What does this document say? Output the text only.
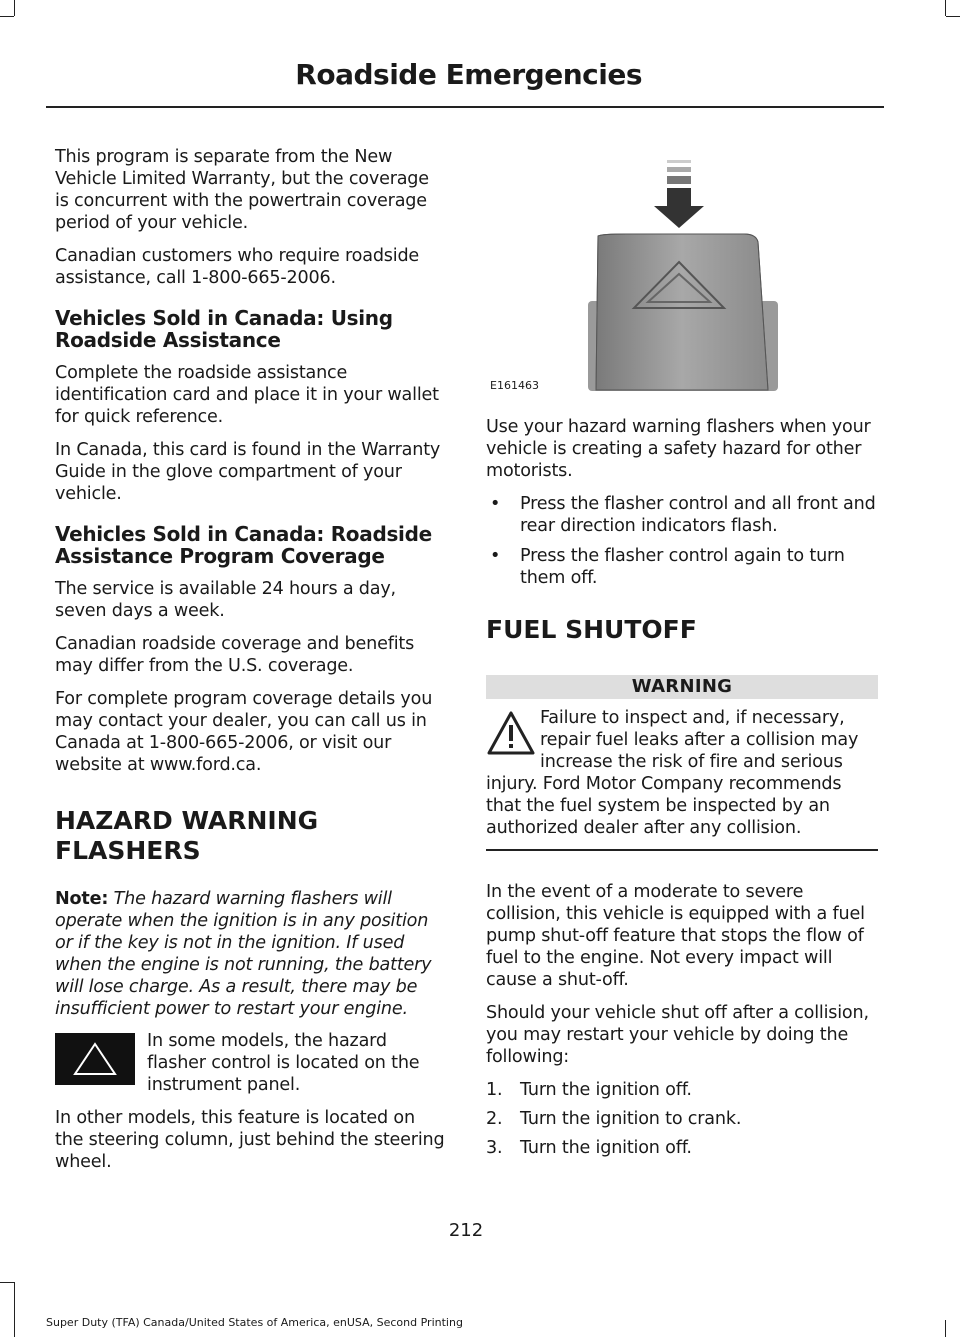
Roadside Emergencies

This program is separate from the New Vehicle Limited Warranty, but the coverage is concurrent with the powertrain coverage period of your vehicle.

Canadian customers who require roadside assistance, call 1-800-665-2006.

Vehicles Sold in Canada: Using Roadside Assistance

Complete the roadside assistance identification card and place it in your wallet for quick reference.

In Canada, this card is found in the Warranty Guide in the glove compartment of your vehicle.

Vehicles Sold in Canada: Roadside Assistance Program Coverage

The service is available 24 hours a day, seven days a week.

Canadian roadside coverage and benefits may differ from the U.S. coverage.

For complete program coverage details you may contact your dealer, you can call us in Canada at 1-800-665-2006, or visit our website at www.ford.ca.

HAZARD WARNING FLASHERS

Note: The hazard warning flashers will operate when the ignition is in any position or if the key is not in the ignition. If used when the engine is not running, the battery will lose charge. As a result, there may be insufficient power to restart your engine.

In some models, the hazard flasher control is located on the instrument panel.

In other models, this feature is located on the steering column, just behind the steering wheel.

E161463

Use your hazard warning flashers when your vehicle is creating a safety hazard for other motorists.

• Press the flasher control and all front and rear direction indicators flash.
• Press the flasher control again to turn them off.
FUEL SHUTOFF
WARNING

Failure to inspect and, if necessary, repair fuel leaks after a collision may increase the risk of fire and serious injury. Ford Motor Company recommends that the fuel system be inspected by an authorized dealer after any collision.

In the event of a moderate to severe collision, this vehicle is equipped with a fuel pump shut-off feature that stops the flow of fuel to the engine. Not every impact will cause a shut-off.

Should your vehicle shut off after a collision, you may restart your vehicle by doing the following:

1.	Turn the ignition off.
2.	Turn the ignition to crank.
3.	Turn the ignition off.
212
Super Duty (TFA) Canada/United States of America, enUSA, Second Printing
